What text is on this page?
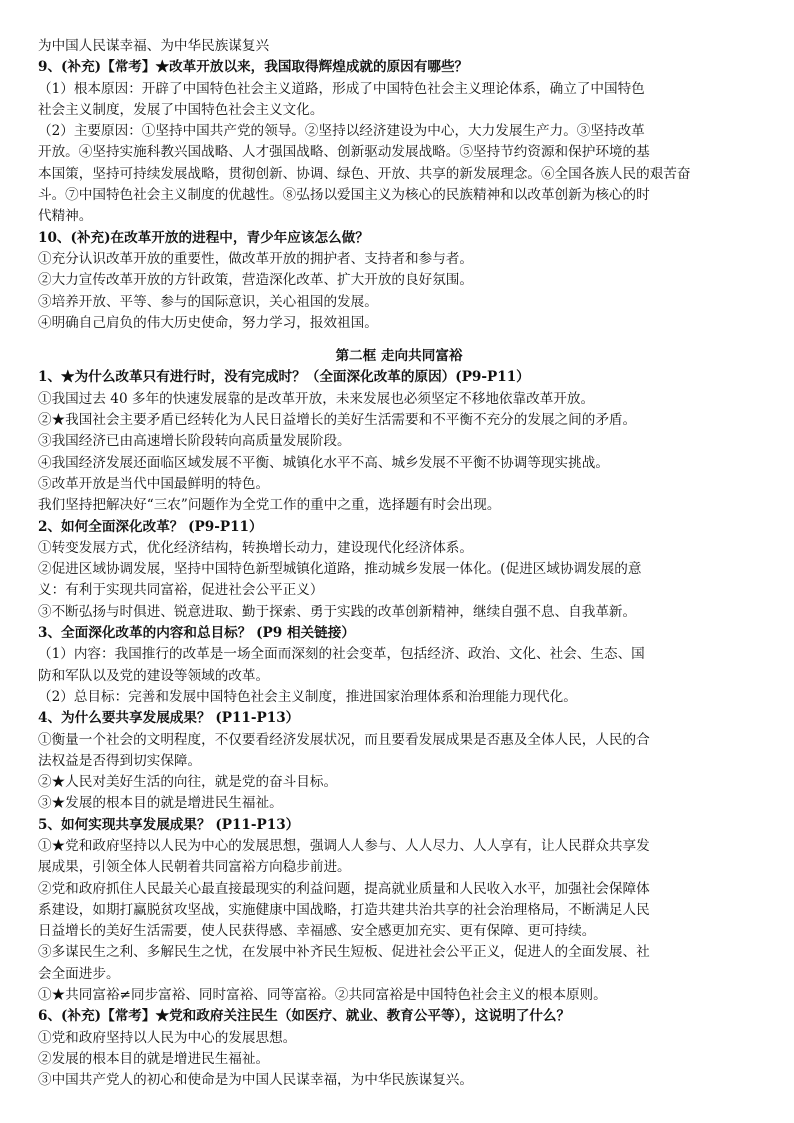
为中国人民谋幸福、为中华民族谋复兴
9、(补充)【常考】★改革开放以来，我国取得辉煌成就的原因有哪些？
（1）根本原因：开辟了中国特色社会主义道路，形成了中国特色社会主义理论体系，确立了中国特色
社会主义制度，发展了中国特色社会主义文化。
（2）主要原因：①坚持中国共产党的领导。②坚持以经济建设为中心，大力发展生产力。③坚持改革
开放。④坚持实施科教兴国战略、人才强国战略、创新驱动发展战略。⑤坚持节约资源和保护环境的基
本国策，坚持可持续发展战略，贯彻创新、协调、绿色、开放、共享的新发展理念。⑥全国各族人民的艰苦奋
斗。⑦中国特色社会主义制度的优越性。⑧弘扬以爱国主义为核心的民族精神和以改革创新为核心的时
代精神。
10、(补充)在改革开放的进程中，青少年应该怎么做？
①充分认识改革开放的重要性，做改革开放的拥护者、支持者和参与者。
②大力宣传改革开放的方针政策，营造深化改革、扩大开放的良好氛围。
③培养开放、平等、参与的国际意识，关心祖国的发展。
④明确自己肩负的伟大历史使命，努力学习，报效祖国。
第二框 走向共同富裕
1、★为什么改革只有进行时，没有完成时？（全面深化改革的原因）(P9-P11）
①我国过去 40 多年的快速发展靠的是改革开放，未来发展也必须坚定不移地依靠改革开放。
②★我国社会主要矛盾已经转化为人民日益增长的美好生活需要和不平衡不充分的发展之间的矛盾。
③我国经济已由高速增长阶段转向高质量发展阶段。
④我国经济发展还面临区域发展不平衡、城镇化水平不高、城乡发展不平衡不协调等现实挑战。
⑤改革开放是当代中国最鲜明的特色。
我们坚持把解决好“三农”问题作为全党工作的重中之重，选择题有时会出现。
2、如何全面深化改革？ (P9-P11）
①转变发展方式，优化经济结构，转换增长动力，建设现代化经济体系。
②促进区域协调发展，坚持中国特色新型城镇化道路，推动城乡发展一体化。(促进区域协调发展的意
义：有利于实现共同富裕，促进社会公平正义）
③不断弘扬与时俱进、锐意进取、勤于探索、勇于实践的改革创新精神，继续自强不息、自我革新。
3、全面深化改革的内容和总目标？ (P9 相关链接）
（1）内容：我国推行的改革是一场全面而深刻的社会变革，包括经济、政治、文化、社会、生态、国
防和军队以及党的建设等领域的改革。
（2）总目标：完善和发展中国特色社会主义制度，推进国家治理体系和治理能力现代化。
4、为什么要共享发展成果？ (P11-P13）
①衡量一个社会的文明程度，不仅要看经济发展状况，而且要看发展成果是否惠及全体人民，人民的合
法权益是否得到切实保障。
②★人民对美好生活的向往，就是党的奋斗目标。
③★发展的根本目的就是增进民生福祉。
5、如何实现共享发展成果？ (P11-P13）
①★党和政府坚持以人民为中心的发展思想，强调人人参与、人人尽力、人人享有，让人民群众共享发
展成果，引领全体人民朝着共同富裕方向稳步前进。
②党和政府抓住人民最关心最直接最现实的利益问题，提高就业质量和人民收入水平，加强社会保障体
系建设，如期打赢脱贫攻坚战，实施健康中国战略，打造共建共治共享的社会治理格局，不断满足人民
日益增长的美好生活需要，使人民获得感、幸福感、安全感更加充实、更有保障、更可持续。
③多谋民生之利、多解民生之忧，在发展中补齐民生短板、促进社会公平正义，促进人的全面发展、社
会全面进步。
①★共同富裕≠同步富裕、同时富裕、同等富裕。②共同富裕是中国特色社会主义的根本原则。
6、(补充)【常考】★党和政府关注民生（如医疗、就业、教育公平等），这说明了什么？
①党和政府坚持以人民为中心的发展思想。
②发展的根本目的就是增进民生福祉。
③中国共产党人的初心和使命是为中国人民谋幸福，为中华民族谋复兴。
